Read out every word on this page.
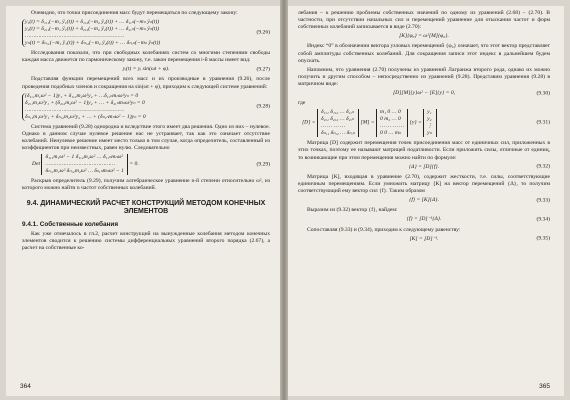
Очевидно, что точки присоединения масс будут перемещаться по следующему закону:

y₁(t) = δ₁,₁(−m₁ ÿ₁(t)) + δ₁,₂(−m₂ ÿ₂(t)) + … δ₁,ₙ(−mₙ ÿₙ(t))
y₂(t) = δ₂,₁(−m₁ ÿ₁(t)) + δ₂,₂(−m₂ ÿ₂(t)) + … δ₂,ₙ(−mₙ ÿₙ(t))
……………………………………………………
yₙ(t) = δₙ,₁(−m₁ ÿ₁(t)) + δₙ,₂(−m₂ ÿ₂(t)) + … δₙ,ₙ(−mₙ ÿₙ(t))
(9.26)

Исследования показали, что при свободных колебаниях систем со многими степенями свободы каждая масса движется по гармоническому закону, т.е. закон перемещения i-й массы имеет вид:

yᵢ(t) = yᵢ sin(ωt + φ).	(9.27)

Подставляя функции перемещений всех масс и их производные в уравнения (9.26), после проведения подобных членов и сокращения на sin(ωt + φ), приходим к следующей системе уравнений:

(δ₁,₁m₁ω² − 1)y₁ + δ₁,₂m₂ω²y₂ + …δ₁,ₙmₙω²yₙ = 0
δ₂,₁m₁ω²y₁ + (δ₂,₂m₂ω² − 1)y₂ + … + δ₂,ₙmₙω²yₙ = 0
……………………………………………………
δₙ,₁m₁ω²y₁ + δₙ,₂m₂ω²y₂ + … + (δₙ,ₙmₙω² − 1)yₙ = 0
(9.28)

Система уравнений (9.28) однородна и вследствие этого имеет два решения. Одно из них – нулевое. Однако в данном случае нулевое решение нас не устраивает, так как это означает отсутствие колебаний. Ненулевое решение имеет место только в том случае, когда определитель, составленный из коэффициентов при неизвестных, равен нулю. Следовательно

Det
δ₁,₁m₁ω² − 1 δ₁,₂m₂ω² … δ₁,ₙmₙω²
……………………………………
δₙ,₁m₁ω² δₙ,₂m₂ω² … δₙ,ₙmₙω² − 1
= 0.	(9.29)

Раскрыв определитель (9.29), получим алгебраическое уравнение n-й степени относительно ω², из которого можно найти n частот собственных колебаний.

9.4. ДИНАМИЧЕСКИЙ РАСЧЕТ КОНСТРУКЦИЙ МЕТОДОМ КОНЕЧНЫХ ЭЛЕМЕНТОВ
9.4.1. Собственные колебания

Как уже отмечалось в гл.2, расчет конструкций на вынужденные колебания методом конечных элементов сводится к решению системы дифференциальных уравнений второго порядка (2.67), а расчет на собственные ко-

364

лебания – к решению проблемы собственных значений по одному из уравнений (2.68) – (2.70). В частности, при отсутствии начальных сил и перемещений уравнение для отыскания частот и форм собственных колебаний записывается в виде (2.70):

[K]{φ₀} = ω²[M]{φ₀}.

Индекс “0” в обозначении вектора узловых перемещений {φ₀} означает, что этот вектор представляет собой амплитуды собственных колебаний. Для сокращения записи этот индекс в дальнейшем будем опускать.

Напомним, что уравнения (2.70) получены из уравнений Лагранжа второго рода, однако их можно получить и другим способом – непосредственно из уравнений (9.28). Представим уравнения (9.28) в матричном виде:

[D][M]{y}ω² − [E]{y} = 0,	(9.30)

где

[D] =
δ₁,₁ δ₁,₂ … δ₁,ₙ
δ₂,₁ δ₂,₂ … δ₂,ₙ
… … … …
δₙ,₁ δₙ,₂ … δₙ,ₙ
[M] =
m₁ 0 … 0
0 m₂ … 0
… … … …
0 0 … mₙ
{y} =
y₁
y₂
⋮
yₙ
(9.31)

Матрица [D] содержит перемещения точек присоединения масс от единичных сил, приложенных в этих точках, поэтому ее называют матрицей податливости. Если приложить силы, отличные от единиц, то возникающие при этом перемещения можно найти по формуле:

{Δ} = [D]{f}.	(9.32)

Матрица [K], входящая в уравнение (2.70), содержит жесткости, т.е. силы, соответствующие единичным перемещениям. Если умножить матрицу [K] на вектор перемещений {Δ}, то получим соответствующий ему вектор сил {f}. Таким образом

{f} = [K]{Δ}.	(9.33)

Выразим из (9.32) вектор {f}, найдем:

{f} = [D]⁻¹{Δ}.	(9.34)

Сопоставляя (9.33) и (9.34), приходим к следующему равенству:

[K] = [D]⁻¹.	(9.35)
365
